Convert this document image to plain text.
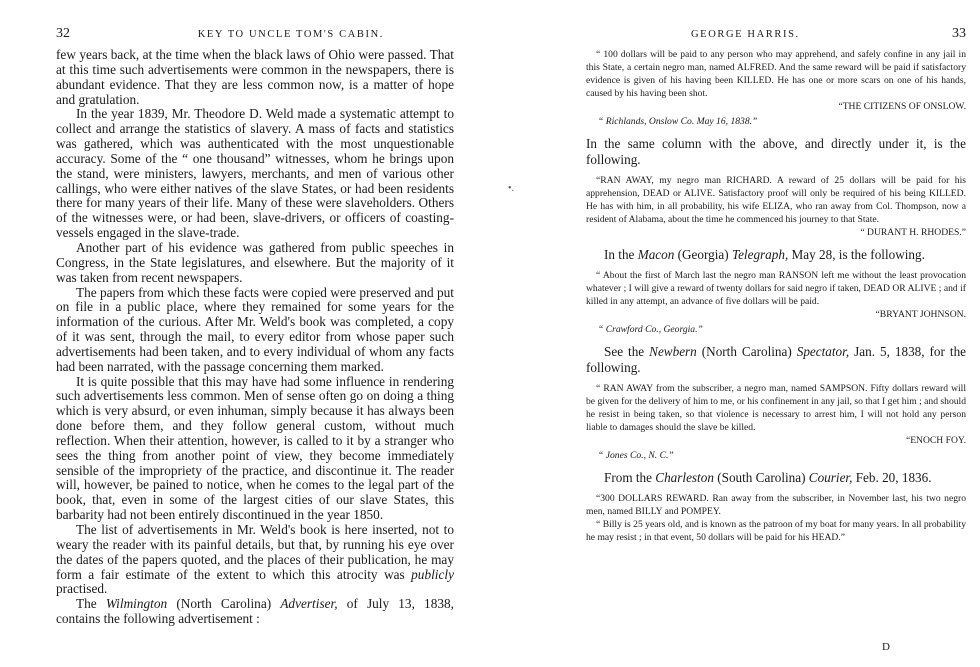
32	KEY TO UNCLE TOM'S CABIN.

few years back, at the time when the black laws of Ohio were passed. That at this time such advertisements were common in the newspapers, there is abundant evidence. That they are less common now, is a matter of hope and gratulation.

In the year 1839, Mr. Theodore D. Weld made a systematic attempt to collect and arrange the statistics of slavery. A mass of facts and statistics was gathered, which was authenticated with the most unquestionable accuracy. Some of the “ one thousand” witnesses, whom he brings upon the stand, were ministers, lawyers, merchants, and men of various other callings, who were either natives of the slave States, or had been residents there for many years of their life. Many of these were slaveholders. Others of the witnesses were, or had been, slave-drivers, or officers of coasting-vessels engaged in the slave-trade.

Another part of his evidence was gathered from public speeches in Congress, in the State legislatures, and elsewhere. But the majority of it was taken from recent newspapers.

The papers from which these facts were copied were preserved and put on file in a public place, where they remained for some years for the information of the curious. After Mr. Weld's book was completed, a copy of it was sent, through the mail, to every editor from whose paper such advertisements had been taken, and to every individual of whom any facts had been narrated, with the passage concerning them marked.

It is quite possible that this may have had some influence in rendering such advertisements less common. Men of sense often go on doing a thing which is very absurd, or even inhuman, simply because it has always been done before them, and they follow general custom, without much reflection. When their attention, however, is called to it by a stranger who sees the thing from another point of view, they become immediately sensible of the impropriety of the practice, and discontinue it. The reader will, however, be pained to notice, when he comes to the legal part of the book, that, even in some of the largest cities of our slave States, this barbarity had not been entirely discontinued in the year 1850.

The list of advertisements in Mr. Weld's book is here inserted, not to weary the reader with its painful details, but that, by running his eye over the dates of the papers quoted, and the places of their publication, he may form a fair estimate of the extent to which this atrocity was publicly practised.

The Wilmington (North Carolina) Advertiser, of July 13, 1838, contains the following advertisement :

•.
GEORGE HARRIS.	33

“ 100 dollars will be paid to any person who may apprehend, and safely confine in any jail in this State, a certain negro man, named ALFRED. And the same reward will be paid if satisfactory evidence is given of his having been KILLED. He has one or more scars on one of his hands, caused by his having been shot.

“THE CITIZENS OF ONSLOW.

“ Richlands, Onslow Co. May 16, 1838.”

In the same column with the above, and directly under it, is the following.

“RAN AWAY, my negro man RICHARD. A reward of 25 dollars will be paid for his apprehension, DEAD or ALIVE. Satisfactory proof will only be required of his being KILLED. He has with him, in all probability, his wife ELIZA, who ran away from Col. Thompson, now a resident of Alabama, about the time he commenced his journey to that State.

“ DURANT H. RHODES.”

In the Macon (Georgia) Telegraph, May 28, is the following.

“ About the first of March last the negro man RANSON left me without the least provocation whatever ; I will give a reward of twenty dollars for said negro if taken, DEAD OR ALIVE ; and if killed in any attempt, an advance of five dollars will be paid.

“BRYANT JOHNSON.

“ Crawford Co., Georgia.”

See the Newbern (North Carolina) Spectator, Jan. 5, 1838, for the following.

“ RAN AWAY from the subscriber, a negro man, named SAMPSON. Fifty dollars reward will be given for the delivery of him to me, or his confinement in any jail, so that I get him ; and should he resist in being taken, so that violence is necessary to arrest him, I will not hold any person liable to damages should the slave be killed.

“ENOCH FOY.

“ Jones Co., N. C.”

From the Charleston (South Carolina) Courier, Feb. 20, 1836.

“300 DOLLARS REWARD. Ran away from the subscriber, in November last, his two negro men, named BILLY and POMPEY.

“ Billy is 25 years old, and is known as the patroon of my boat for many years. In all probability he may resist ; in that event, 50 dollars will be paid for his HEAD.”

D
